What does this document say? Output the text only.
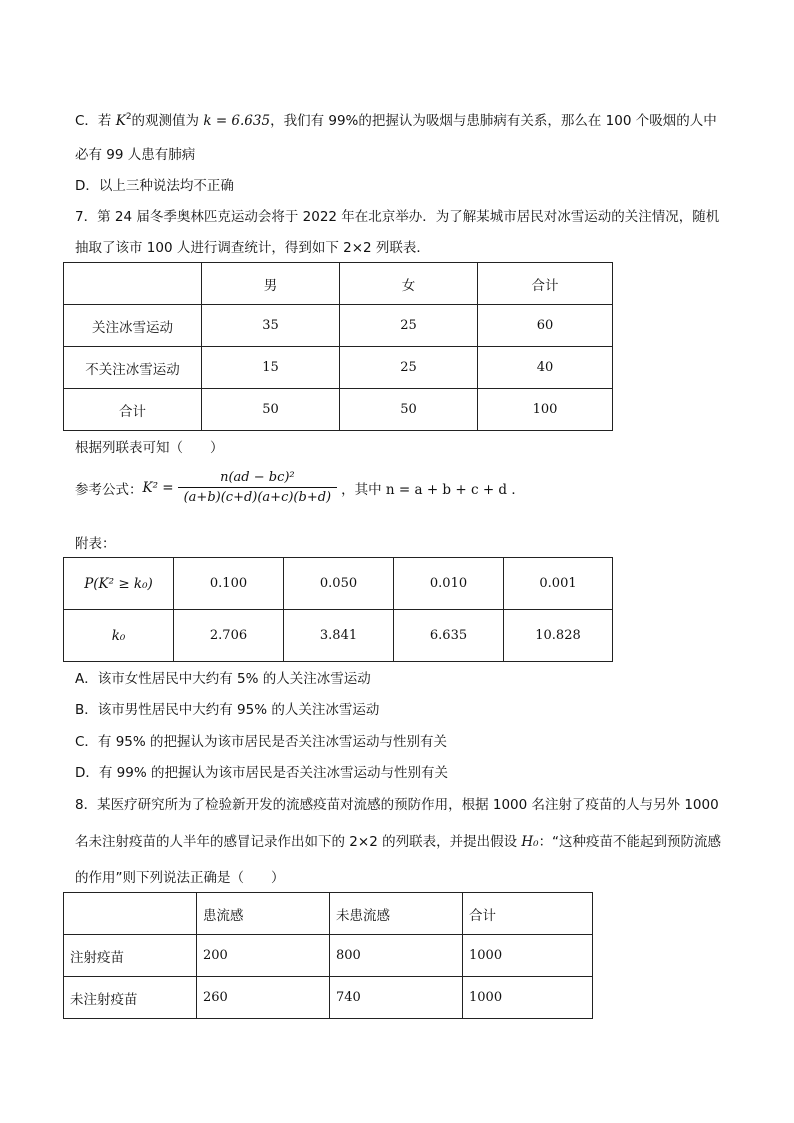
C．若 $K^2$的观测值为 k = 6.635，我们有 99%的把握认为吸烟与患肺病有关系，那么在 100 个吸烟的人中
必有 99 人患有肺病
D．以上三种说法均不正确
7．第 24 届冬季奥林匹克运动会将于 2022 年在北京举办．为了解某城市居民对冰雪运动的关注情况，随机
抽取了该市 100 人进行调查统计，得到如下 2×2 列联表．
	男	女	合计
关注冰雪运动	35	25	60
不关注冰雪运动	15	25	40
合计	50	50	100
根据列联表可知（　　）
参考公式： $K^2 = \frac{\text{n(ad − bc)²}}{(a+b)(c+d)(a+c)(b+d)}$ ，其中 n = a + b + c + d ．
附表：
P(K² ≥ k₀)	0.100	0.050	0.010	0.001
k₀	2.706	3.841	6.635	10.828
A．该市女性居民中大约有 5% 的人关注冰雪运动
B．该市男性居民中大约有 95% 的人关注冰雪运动
C．有 95% 的把握认为该市居民是否关注冰雪运动与性别有关
D．有 99% 的把握认为该市居民是否关注冰雪运动与性别有关
8．某医疗研究所为了检验新开发的流感疫苗对流感的预防作用，根据 1000 名注射了疫苗的人与另外 1000
名未注射疫苗的人半年的感冒记录作出如下的 2×2 的列联表，并提出假设 H₀：“这种疫苗不能起到预防流感
的作用”则下列说法正确是（　　）
	患流感	未患流感	合计
注射疫苗	200	800	1000
未注射疫苗	260	740	1000
